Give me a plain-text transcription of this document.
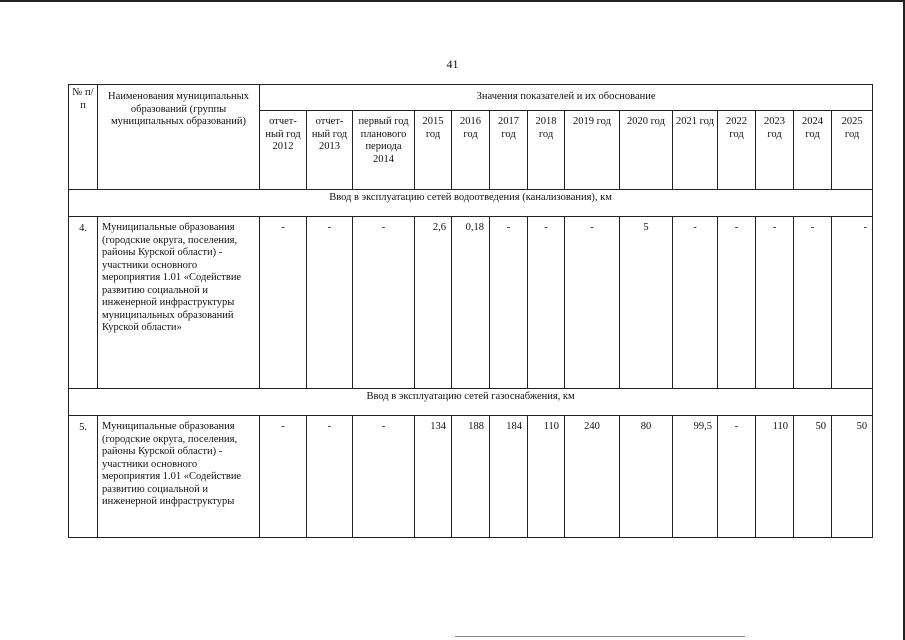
41
№ п/п	Наименования муниципальных образований (группы муниципальных образований)	Значения показателей и их обоснование													
		отчет-ный год 2012	отчет-ный год 2013	первый год планового периода 2014	2015 год	2016 год	2017 год	2018 год	2019 год	2020 год	2021 год	2022 год	2023 год	2024 год	2025 год
Ввод в эксплуатацию сетей водоотведения (канализования), км															
4.	Муниципальные образования (городские округа, поселения, районы Курской области) - участники основного мероприятия 1.01 «Содействие развитию социальной и инженерной инфраструктуры муниципальных образований Курской области»	-	-	-	2,6	0,18	-	-	-	5	-	-	-	-	-
Ввод в эксплуатацию сетей газоснабжения, км															
5.	Муниципальные образования (городские округа, поселения, районы Курской области) - участники основного мероприятия 1.01 «Содействие развитию социальной и инженерной инфраструктуры	-	-	-	134	188	184	110	240	80	99,5	-	110	50	50
